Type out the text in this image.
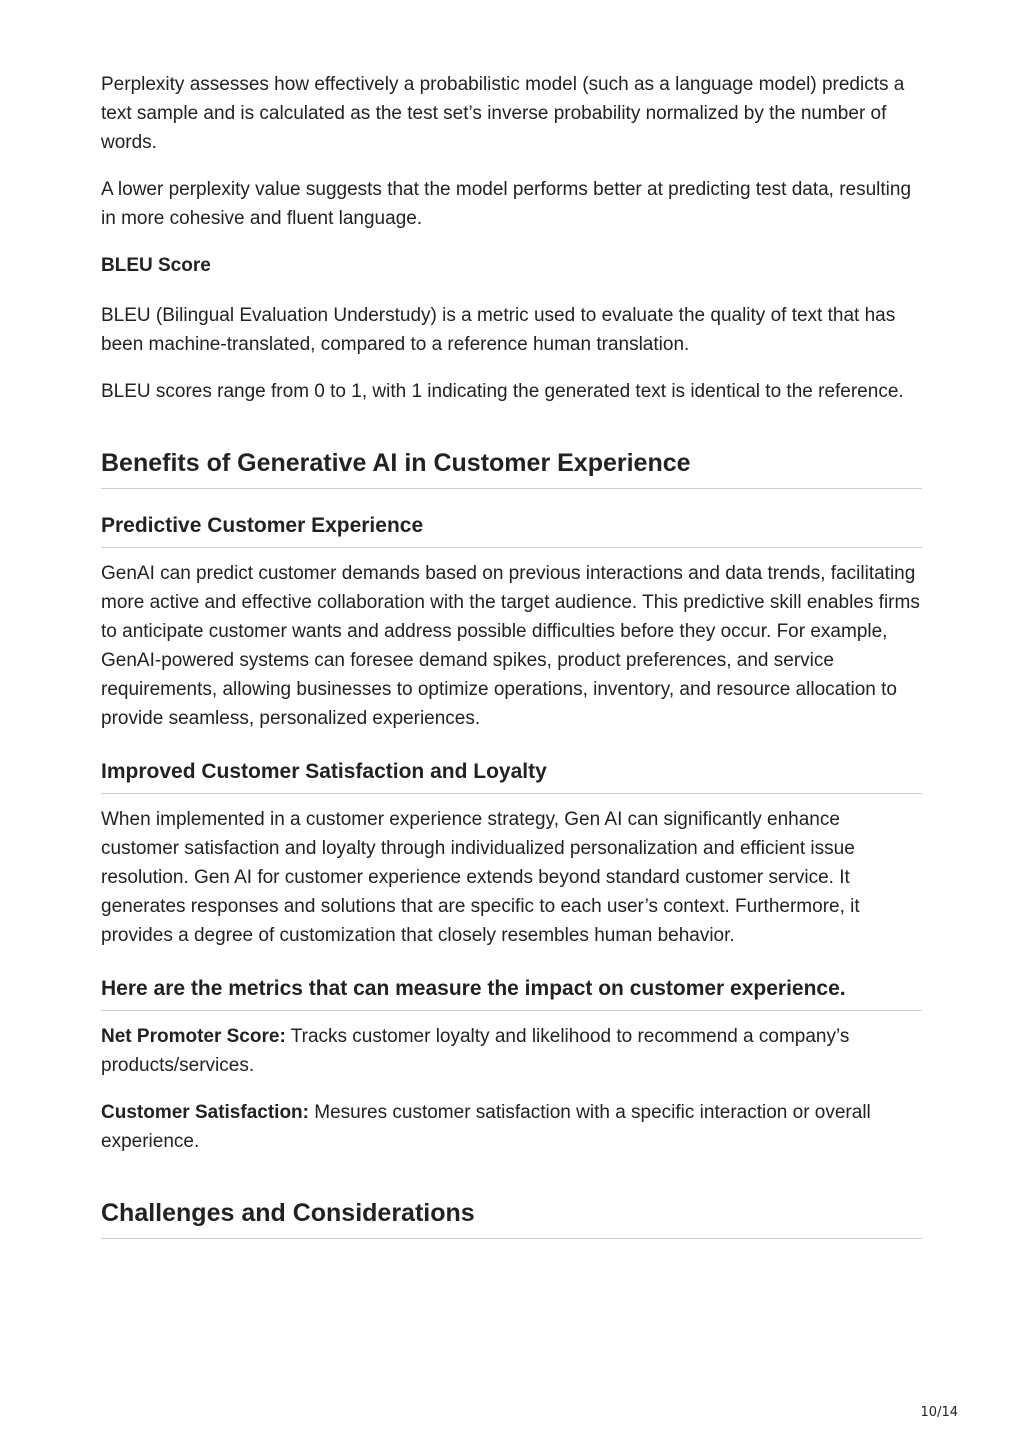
Perplexity assesses how effectively a probabilistic model (such as a language model) predicts a text sample and is calculated as the test set’s inverse probability normalized by the number of words.

A lower perplexity value suggests that the model performs better at predicting test data, resulting in more cohesive and fluent language.

BLEU Score

BLEU (Bilingual Evaluation Understudy) is a metric used to evaluate the quality of text that has been machine-translated, compared to a reference human translation.

BLEU scores range from 0 to 1, with 1 indicating the generated text is identical to the reference.

Benefits of Generative AI in Customer Experience
Predictive Customer Experience

GenAI can predict customer demands based on previous interactions and data trends, facilitating more active and effective collaboration with the target audience. This predictive skill enables firms to anticipate customer wants and address possible difficulties before they occur. For example, GenAI-powered systems can foresee demand spikes, product preferences, and service requirements, allowing businesses to optimize operations, inventory, and resource allocation to provide seamless, personalized experiences.

Improved Customer Satisfaction and Loyalty

When implemented in a customer experience strategy, Gen AI can significantly enhance customer satisfaction and loyalty through individualized personalization and efficient issue resolution. Gen AI for customer experience extends beyond standard customer service. It generates responses and solutions that are specific to each user’s context. Furthermore, it provides a degree of customization that closely resembles human behavior.

Here are the metrics that can measure the impact on customer experience.

Net Promoter Score: Tracks customer loyalty and likelihood to recommend a company’s products/services.

Customer Satisfaction: Mesures customer satisfaction with a specific interaction or overall experience.

Challenges and Considerations
10/14
